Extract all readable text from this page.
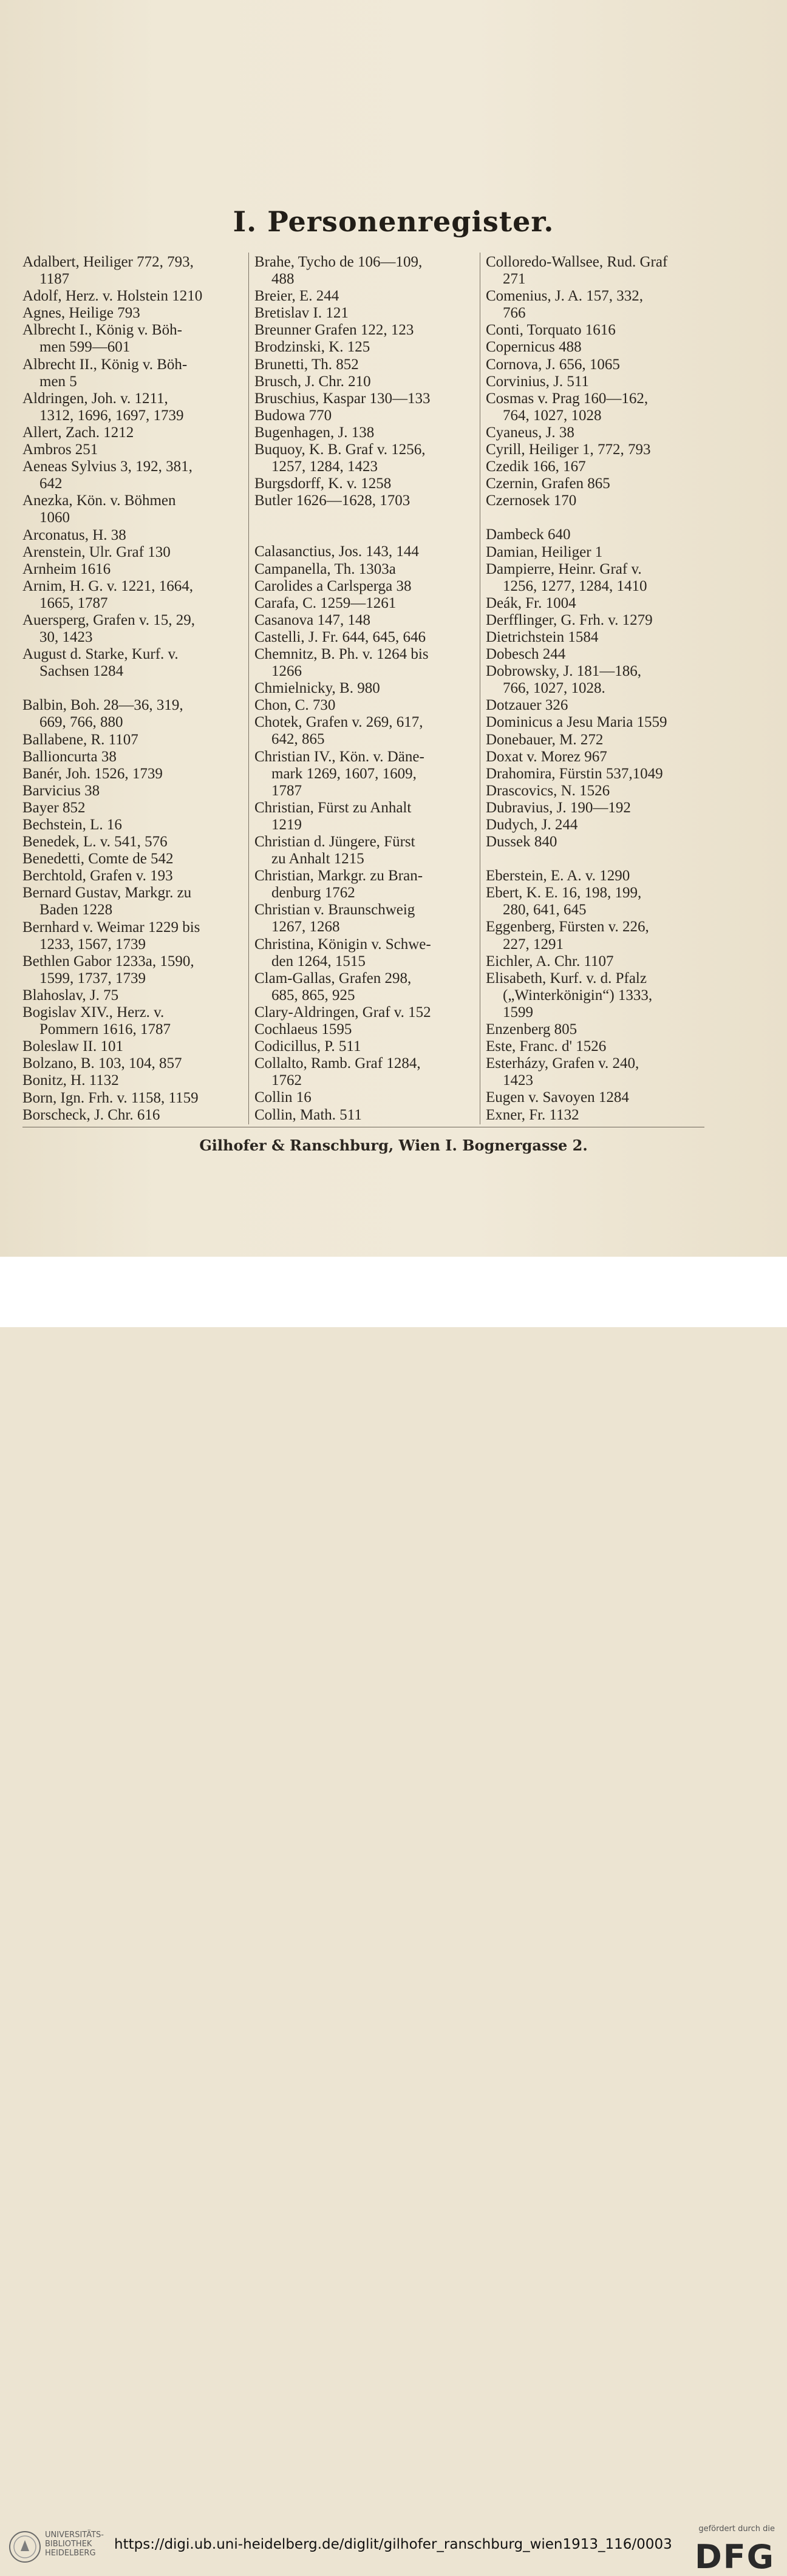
I. Personenregister.
Adalbert, Heiliger 772, 793,
1187
Adolf, Herz. v. Holstein 1210
Agnes, Heilige 793
Albrecht I., König v. Böh-
men 599—601
Albrecht II., König v. Böh-
men 5
Aldringen, Joh. v. 1211,
1312, 1696, 1697, 1739
Allert, Zach. 1212
Ambros 251
Aeneas Sylvius 3, 192, 381,
642
Anezka, Kön. v. Böhmen
1060
Arconatus, H. 38
Arenstein, Ulr. Graf 130
Arnheim 1616
Arnim, H. G. v. 1221, 1664,
1665, 1787
Auersperg, Grafen v. 15, 29,
30, 1423
August d. Starke, Kurf. v.
Sachsen 1284
Balbin, Boh. 28—36, 319,
669, 766, 880
Ballabene, R. 1107
Ballioncurta 38
Banér, Joh. 1526, 1739
Barvicius 38
Bayer 852
Bechstein, L. 16
Benedek, L. v. 541, 576
Benedetti, Comte de 542
Berchtold, Grafen v. 193
Bernard Gustav, Markgr. zu
Baden 1228
Bernhard v. Weimar 1229 bis
1233, 1567, 1739
Bethlen Gabor 1233a, 1590,
1599, 1737, 1739
Blahoslav, J. 75
Bogislav XIV., Herz. v.
Pommern 1616, 1787
Boleslaw II. 101
Bolzano, B. 103, 104, 857
Bonitz, H. 1132
Born, Ign. Frh. v. 1158, 1159
Borscheck, J. Chr. 616
Brahe, Tycho de 106—109,
488
Breier, E. 244
Bretislav I. 121
Breunner Grafen 122, 123
Brodzinski, K. 125
Brunetti, Th. 852
Brusch, J. Chr. 210
Bruschius, Kaspar 130—133
Budowa 770
Bugenhagen, J. 138
Buquoy, K. B. Graf v. 1256,
1257, 1284, 1423
Burgsdorff, K. v. 1258
Butler 1626—1628, 1703
Calasanctius, Jos. 143, 144
Campanella, Th. 1303a
Carolides a Carlsperga 38
Carafa, C. 1259—1261
Casanova 147, 148
Castelli, J. Fr. 644, 645, 646
Chemnitz, B. Ph. v. 1264 bis
1266
Chmielnicky, B. 980
Chon, C. 730
Chotek, Grafen v. 269, 617,
642, 865
Christian IV., Kön. v. Däne-
mark 1269, 1607, 1609,
1787
Christian, Fürst zu Anhalt
1219
Christian d. Jüngere, Fürst
zu Anhalt 1215
Christian, Markgr. zu Bran-
denburg 1762
Christian v. Braunschweig
1267, 1268
Christina, Königin v. Schwe-
den 1264, 1515
Clam-Gallas, Grafen 298,
685, 865, 925
Clary-Aldringen, Graf v. 152
Cochlaeus 1595
Codicillus, P. 511
Collalto, Ramb. Graf 1284,
1762
Collin 16
Collin, Math. 511
Colloredo-Wallsee, Rud. Graf
271
Comenius, J. A. 157, 332,
766
Conti, Torquato 1616
Copernicus 488
Cornova, J. 656, 1065
Corvinius, J. 511
Cosmas v. Prag 160—162,
764, 1027, 1028
Cyaneus, J. 38
Cyrill, Heiliger 1, 772, 793
Czedik 166, 167
Czernin, Grafen 865
Czernosek 170
Dambeck 640
Damian, Heiliger 1
Dampierre, Heinr. Graf v.
1256, 1277, 1284, 1410
Deák, Fr. 1004
Derfflinger, G. Frh. v. 1279
Dietrichstein 1584
Dobesch 244
Dobrowsky, J. 181—186,
766, 1027, 1028.
Dotzauer 326
Dominicus a Jesu Maria 1559
Donebauer, M. 272
Doxat v. Morez 967
Drahomira, Fürstin 537,1049
Drascovics, N. 1526
Dubravius, J. 190—192
Dudych, J. 244
Dussek 840
Eberstein, E. A. v. 1290
Ebert, K. E. 16, 198, 199,
280, 641, 645
Eggenberg, Fürsten v. 226,
227, 1291
Eichler, A. Chr. 1107
Elisabeth, Kurf. v. d. Pfalz
(„Winterkönigin“) 1333,
1599
Enzenberg 805
Este, Franc. d' 1526
Esterházy, Grafen v. 240,
1423
Eugen v. Savoyen 1284
Exner, Fr. 1132
Gilhofer & Ranschburg, Wien I. Bognergasse 2.
UNIVERSITÄTS-
BIBLIOTHEK
HEIDELBERG
https://digi.ub.uni-heidelberg.de/diglit/gilhofer_ranschburg_wien1913_116/0003
gefördert durch die
DFG
